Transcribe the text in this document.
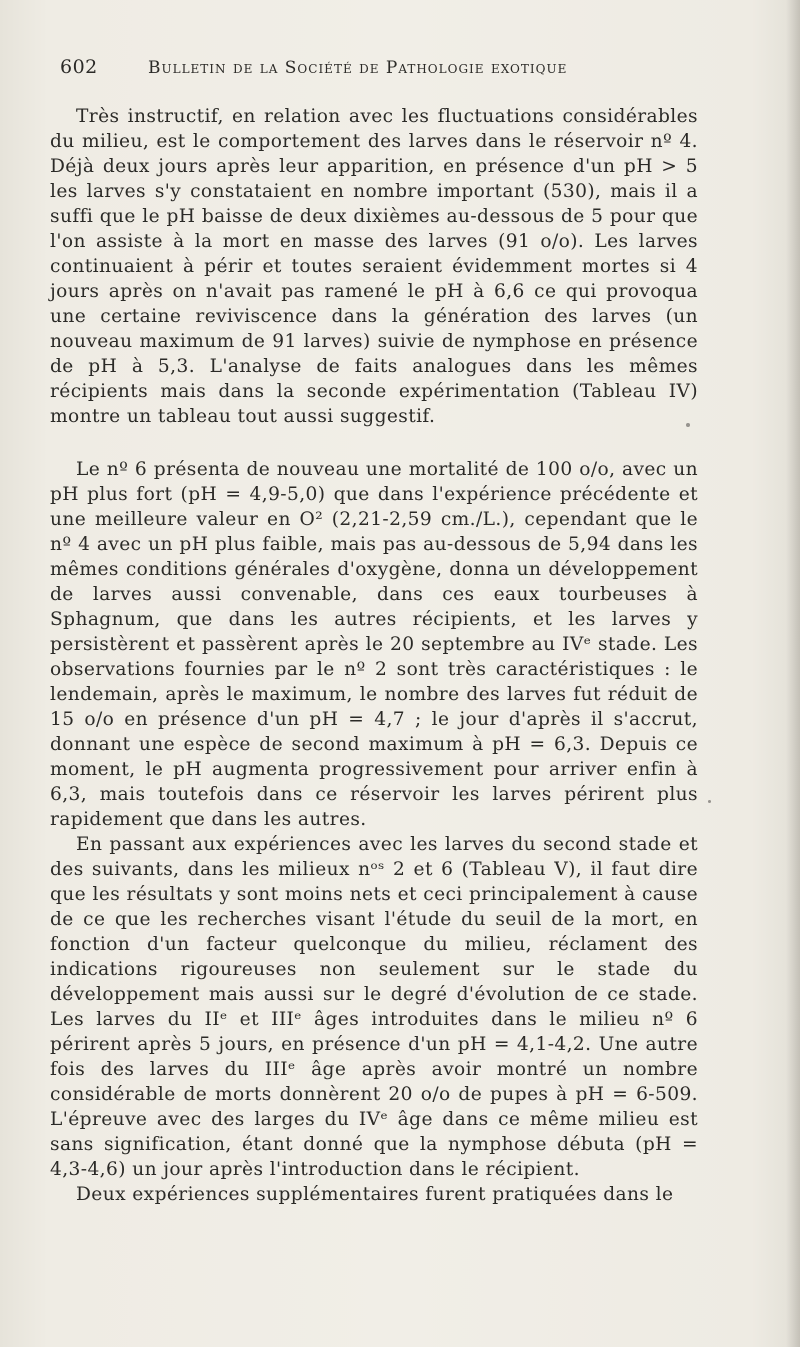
602	Bulletin de la Société de Pathologie exotique

Très instructif, en relation avec les fluctuations considérables du milieu, est le comportement des larves dans le réservoir nº 4. Déjà deux jours après leur apparition, en présence d'un pH > 5 les larves s'y constataient en nombre important (530), mais il a suffi que le pH baisse de deux dixièmes au-dessous de 5 pour que l'on assiste à la mort en masse des larves (91 o/o). Les larves continuaient à périr et toutes seraient évidemment mortes si 4 jours après on n'avait pas ramené le pH à 6,6 ce qui provoqua une certaine reviviscence dans la génération des larves (un nouveau maximum de 91 larves) suivie de nymphose en présence de pH à 5,3. L'analyse de faits analogues dans les mêmes récipients mais dans la seconde expérimentation (Tableau IV) montre un tableau tout aussi suggestif.

Le nº 6 présenta de nouveau une mortalité de 100 o/o, avec un pH plus fort (pH = 4,9-5,0) que dans l'expérience précédente et une meilleure valeur en O² (2,21-2,59 cm./L.), cependant que le nº 4 avec un pH plus faible, mais pas au-dessous de 5,94 dans les mêmes conditions générales d'oxygène, donna un développement de larves aussi convenable, dans ces eaux tourbeuses à Sphagnum, que dans les autres récipients, et les larves y persistèrent et passèrent après le 20 septembre au IVᵉ stade. Les observations fournies par le nº 2 sont très caractéristiques : le lendemain, après le maximum, le nombre des larves fut réduit de 15 o/o en présence d'un pH = 4,7 ; le jour d'après il s'accrut, donnant une espèce de second maximum à pH = 6,3. Depuis ce moment, le pH augmenta progressivement pour arriver enfin à 6,3, mais toutefois dans ce réservoir les larves périrent plus rapidement que dans les autres.

En passant aux expériences avec les larves du second stade et des suivants, dans les milieux nᵒˢ 2 et 6 (Tableau V), il faut dire que les résultats y sont moins nets et ceci principalement à cause de ce que les recherches visant l'étude du seuil de la mort, en fonction d'un facteur quelconque du milieu, réclament des indications rigoureuses non seulement sur le stade du développement mais aussi sur le degré d'évolution de ce stade. Les larves du IIᵉ et IIIᵉ âges introduites dans le milieu nº 6 périrent après 5 jours, en présence d'un pH = 4,1-4,2. Une autre fois des larves du IIIᵉ âge après avoir montré un nombre considérable de morts donnèrent 20 o/o de pupes à pH = 6-509. L'épreuve avec des larges du IVᵉ âge dans ce même milieu est sans signification, étant donné que la nymphose débuta (pH = 4,3-4,6) un jour après l'introduction dans le récipient.

Deux expériences supplémentaires furent pratiquées dans le
